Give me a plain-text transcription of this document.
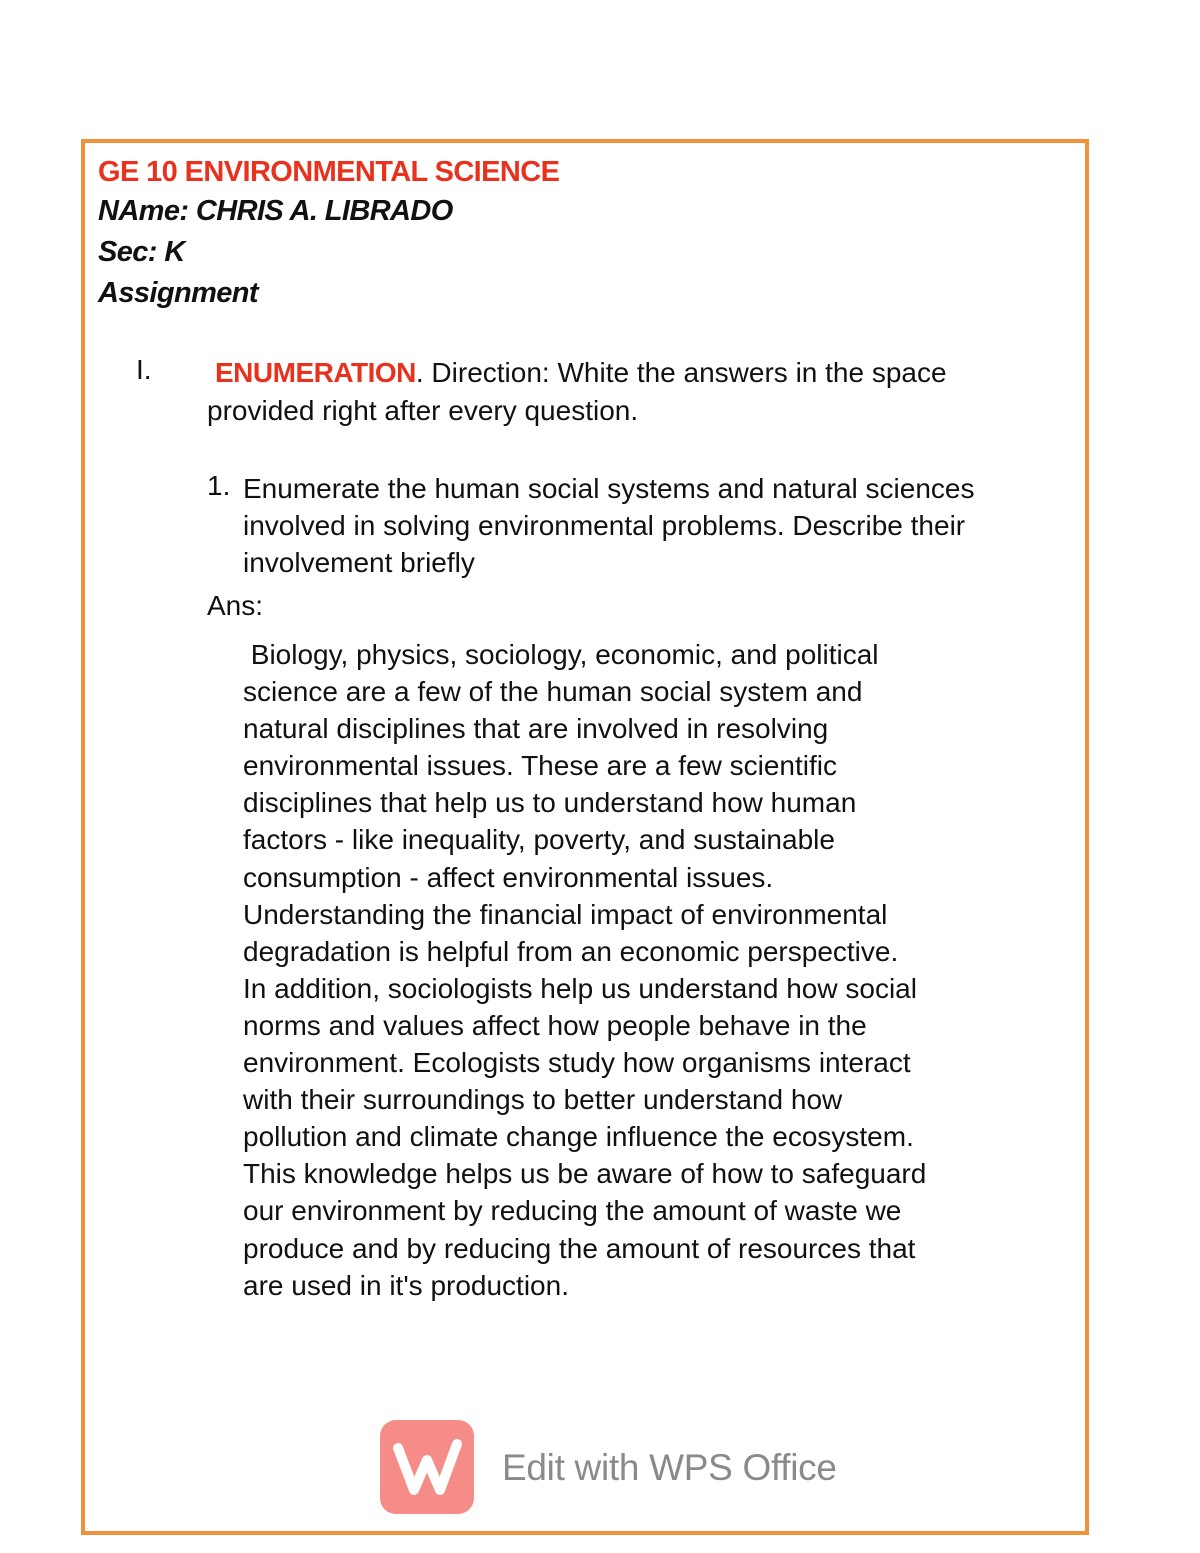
GE 10 ENVIRONMENTAL SCIENCE
NAme: CHRIS A. LIBRADO
Sec: K
Assignment
I. ENUMERATION. Direction: White the answers in the space provided right after every question.
1. Enumerate the human social systems and natural sciences involved in solving environmental problems. Describe their involvement briefly
Ans:
Biology, physics, sociology, economic, and political
science are a few of the human social system and
natural disciplines that are involved in resolving
environmental issues. These are a few scientific
disciplines that help us to understand how human
factors - like inequality, poverty, and sustainable
consumption - affect environmental issues.
Understanding the financial impact of environmental
degradation is helpful from an economic perspective.
In addition, sociologists help us understand how social
norms and values affect how people behave in the
environment. Ecologists study how organisms interact
with their surroundings to better understand how
pollution and climate change influence the ecosystem.
This knowledge helps us be aware of how to safeguard
our environment by reducing the amount of waste we
produce and by reducing the amount of resources that
are used in it's production.
Edit with WPS Office
